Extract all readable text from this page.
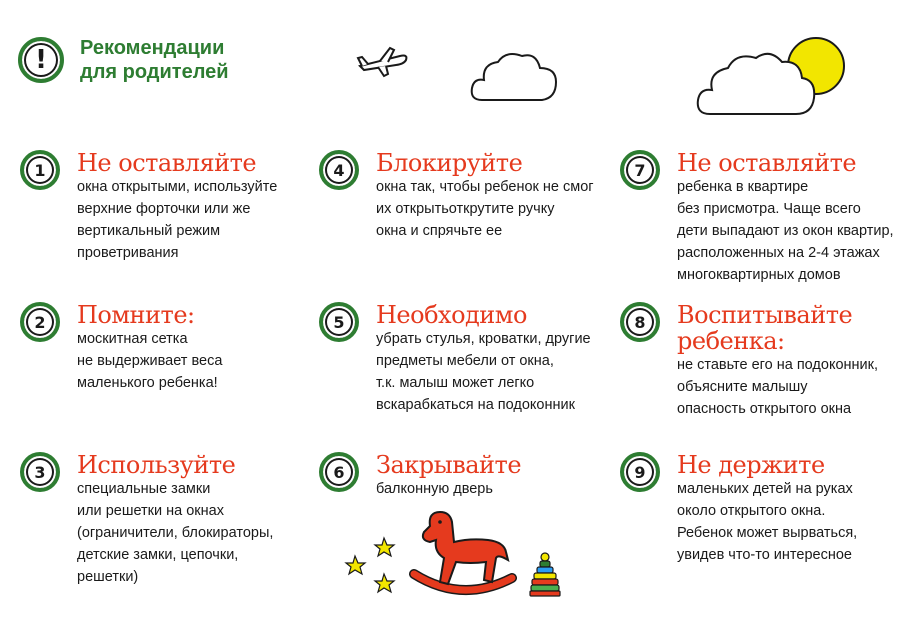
!	Рекомендации
для родителей
1	Не оставляйте
окна открытыми, используйте
верхние форточки или же
вертикальный режим
проветривания
2	Помните:
москитная сетка
не выдерживает веса
маленького ребенка!
3	Используйте
специальные замки
или решетки на окнах
(ограничители, блокираторы,
детские замки, цепочки,
решетки)
4	Блокируйте
окна так, чтобы ребенок не смог
их открытьоткрутите ручку
окна и спрячьте ее
5	Необходимо
убрать стулья, кроватки, другие
предметы мебели от окна,
т.к. малыш может легко
вскарабкаться на подоконник
6	Закрывайте
балконную дверь
7	Не оставляйте
ребенка в квартире
без присмотра. Чаще всего
дети выпадают из окон квартир,
расположенных на 2-4 этажах
многоквартирных домов
8	Воспитывайте
ребенка:
не ставьте его на подоконник,
объясните малышу
опасность открытого окна
9	Не держите
маленьких детей на руках
около открытого окна.
Ребенок может вырваться,
увидев что-то интересное
